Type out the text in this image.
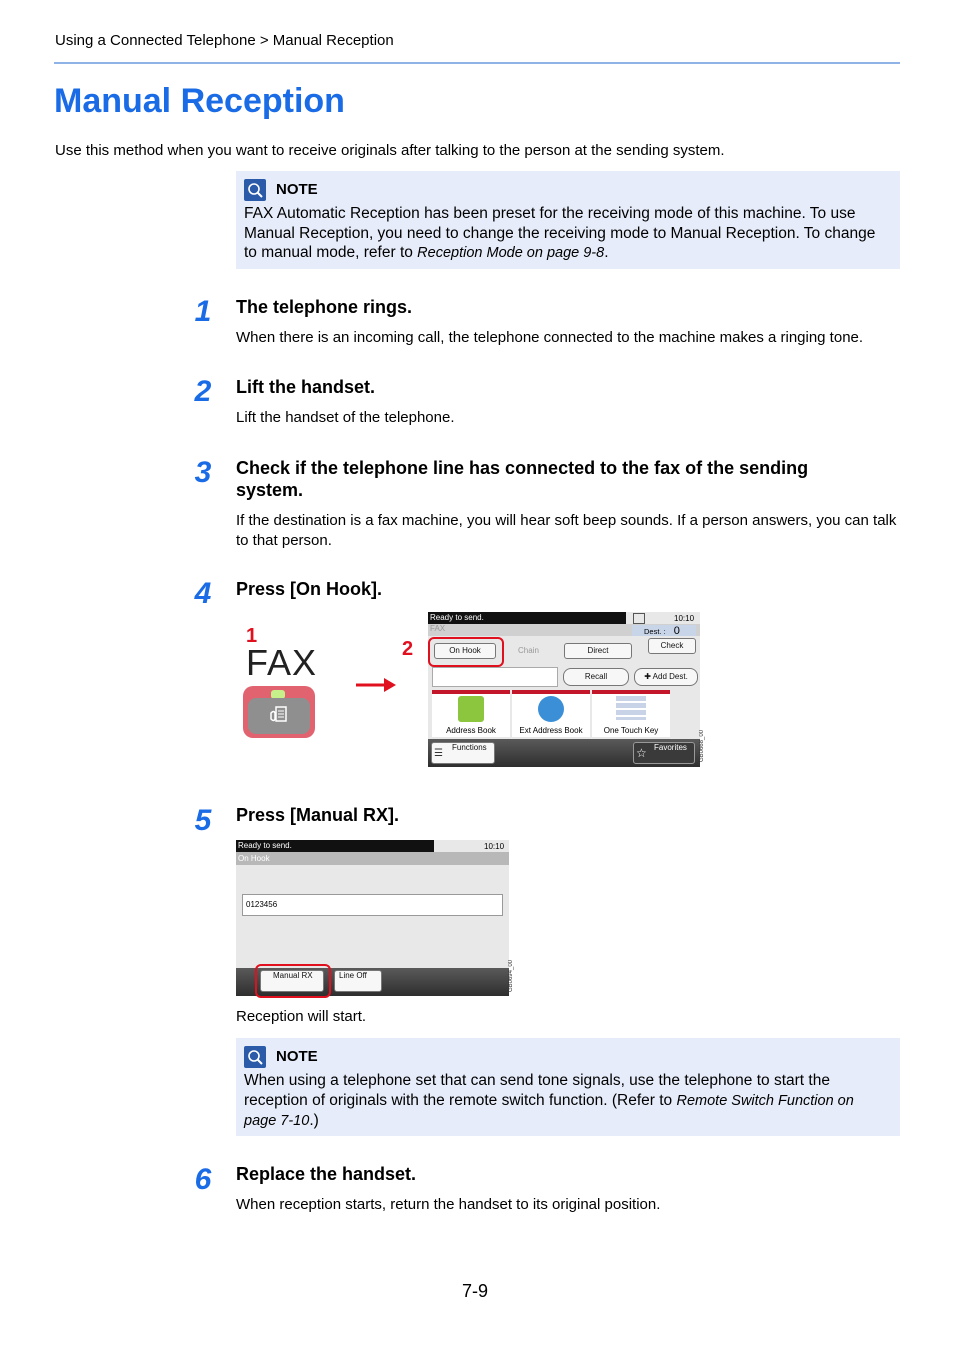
Using a Connected Telephone > Manual Reception
Manual Reception
Use this method when you want to receive originals after talking to the person at the sending system.
NOTE
FAX Automatic Reception has been preset for the receiving mode of this machine. To use Manual Reception, you need to change the receiving mode to Manual Reception. To change to manual mode, refer to Reception Mode on page 9-8.
1	The telephone rings.
When there is an incoming call, the telephone connected to the machine makes a ringing tone.
2	Lift the handset.
Lift the handset of the telephone.
3	Check if the telephone line has connected to the fax of the sending system.
If the destination is a fax machine, you will hear soft beep sounds. If a person answers, you can talk to that person.
4	Press [On Hook].
1
FAX	2
Ready to send.	10:10
FAX	Dest. : 0
Check
On Hook	Chain	Direct
Recall	✚ Add Dest.
Address Book	Ext Address Book	One Touch Key
Functions
☰
Favorites
☆	GB0668_00
5	Press [Manual RX].
Ready to send.	10:10
On Hook
0123456
Manual RX	Line Off	GB0694_00
Reception will start.
NOTE
When using a telephone set that can send tone signals, use the telephone to start the reception of originals with the remote switch function. (Refer to Remote Switch Function on page 7-10.)
6	Replace the handset.
When reception starts, return the handset to its original position.
7-9
